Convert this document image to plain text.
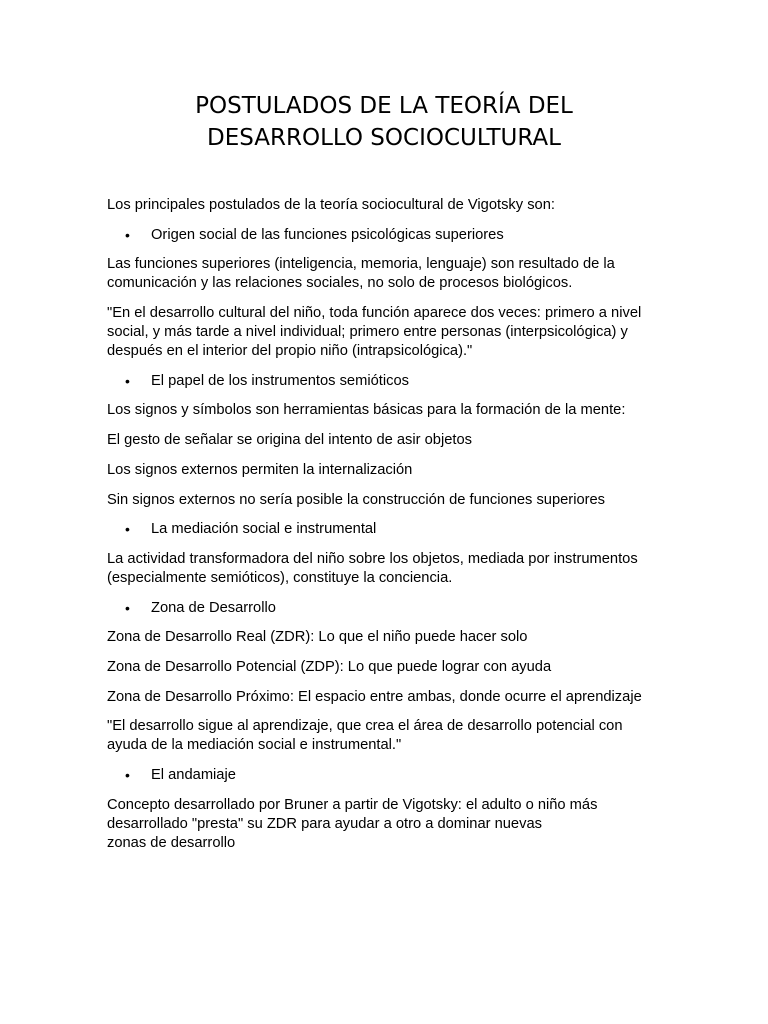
POSTULADOS DE LA TEORÍA DEL
DESARROLLO SOCIOCULTURAL
Los principales postulados de la teoría sociocultural de Vigotsky son:
•	Origen social de las funciones psicológicas superiores
Las funciones superiores (inteligencia, memoria, lenguaje) son resultado de la
comunicación y las relaciones sociales, no solo de procesos biológicos.
"En el desarrollo cultural del niño, toda función aparece dos veces: primero a nivel
social, y más tarde a nivel individual; primero entre personas (interpsicológica) y
después en el interior del propio niño (intrapsicológica)."
•	El papel de los instrumentos semióticos
Los signos y símbolos son herramientas básicas para la formación de la mente:
El gesto de señalar se origina del intento de asir objetos
Los signos externos permiten la internalización
Sin signos externos no sería posible la construcción de funciones superiores
•	La mediación social e instrumental
La actividad transformadora del niño sobre los objetos, mediada por instrumentos
(especialmente semióticos), constituye la conciencia.
•	Zona de Desarrollo
Zona de Desarrollo Real (ZDR): Lo que el niño puede hacer solo
Zona de Desarrollo Potencial (ZDP): Lo que puede lograr con ayuda
Zona de Desarrollo Próximo: El espacio entre ambas, donde ocurre el aprendizaje
"El desarrollo sigue al aprendizaje, que crea el área de desarrollo potencial con
ayuda de la mediación social e instrumental."
•	El andamiaje
Concepto desarrollado por Bruner a partir de Vigotsky: el adulto o niño más
desarrollado "presta" su ZDR para ayudar a otro a dominar nuevas
zonas de desarrollo
